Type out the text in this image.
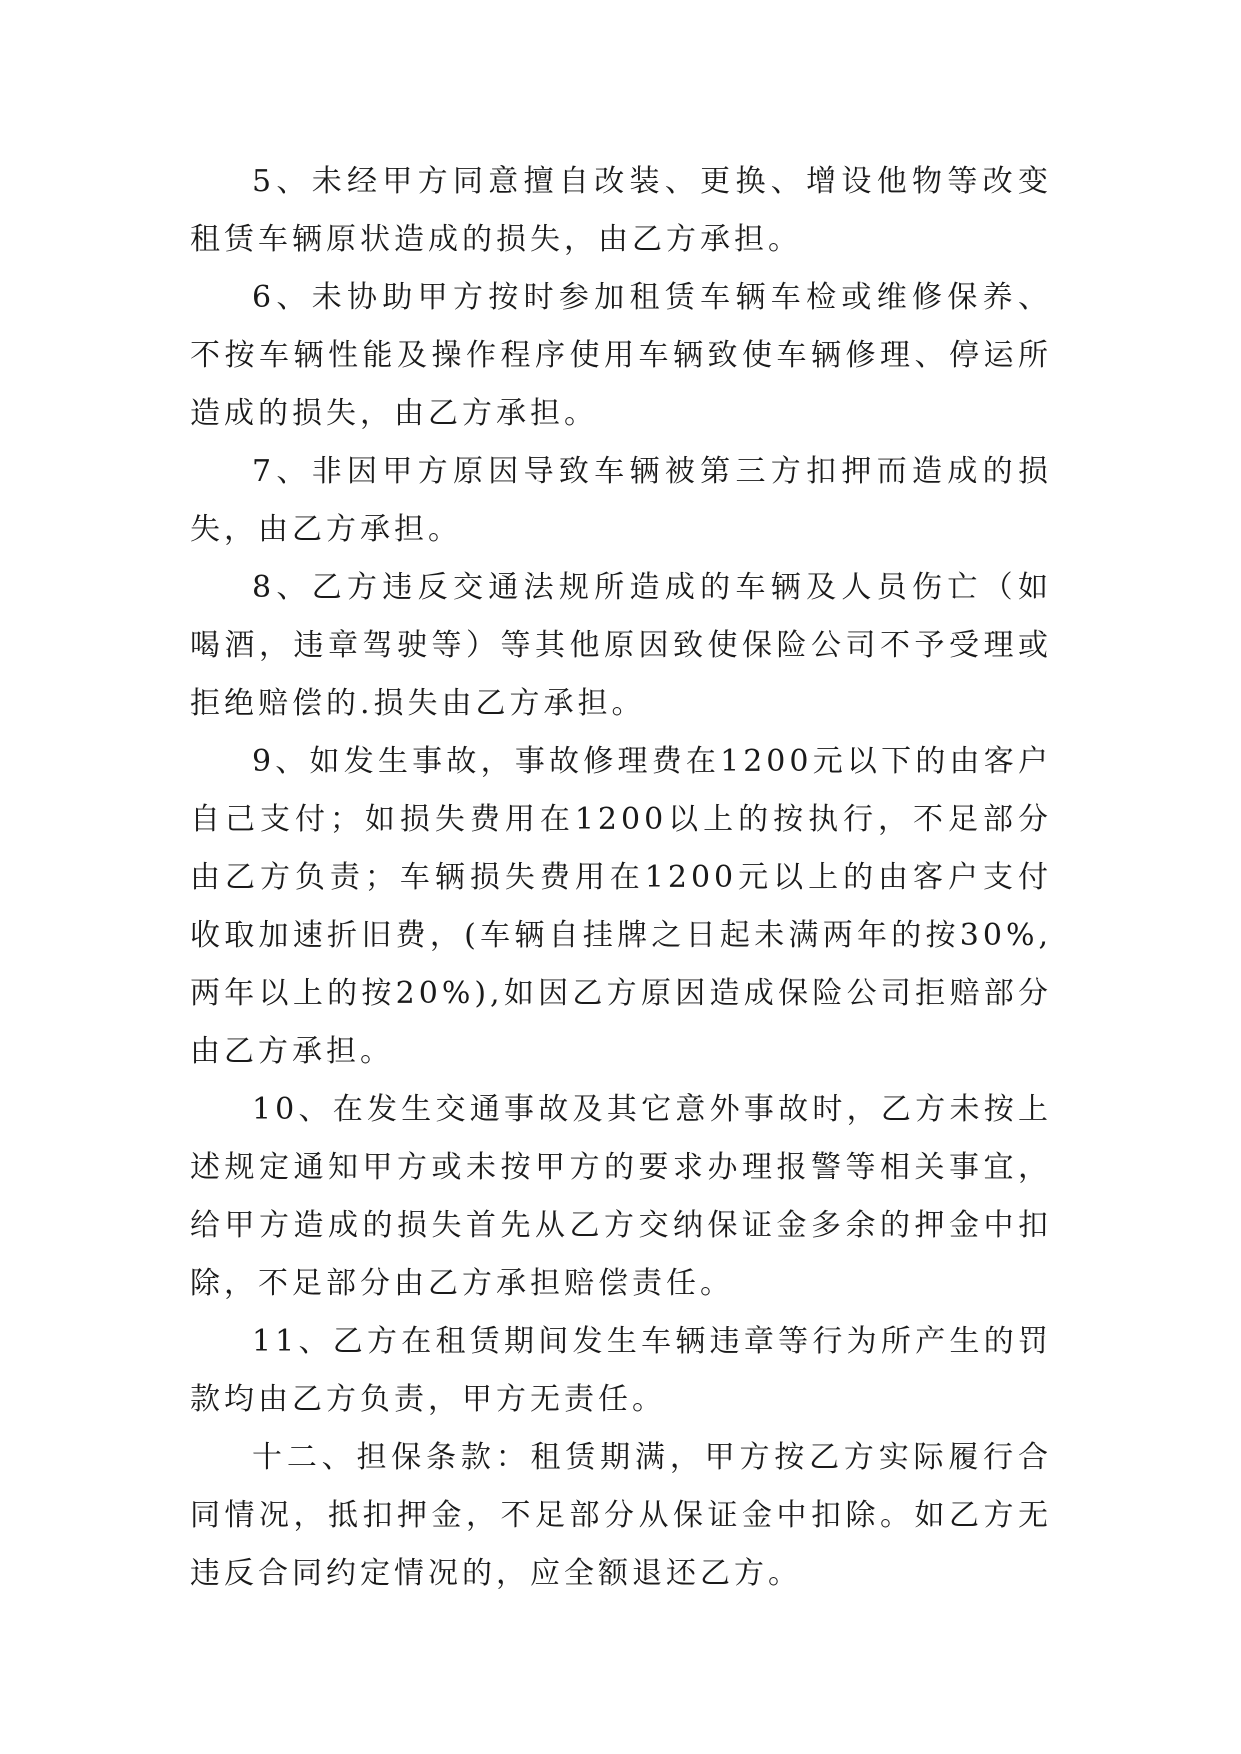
5、未经甲方同意擅自改装、更换、增设他物等改变租赁车辆原状造成的损失，由乙方承担。

6、未协助甲方按时参加租赁车辆车检或维修保养、不按车辆性能及操作程序使用车辆致使车辆修理、停运所造成的损失，由乙方承担。

7、非因甲方原因导致车辆被第三方扣押而造成的损失，由乙方承担。

8、乙方违反交通法规所造成的车辆及人员伤亡（如喝酒，违章驾驶等）等其他原因致使保险公司不予受理或拒绝赔偿的.损失由乙方承担。

9、如发生事故，事故修理费在1200元以下的由客户自己支付；如损失费用在1200以上的按执行，不足部分由乙方负责；车辆损失费用在1200元以上的由客户支付收取加速折旧费，(车辆自挂牌之日起未满两年的按30%,两年以上的按20%),如因乙方原因造成保险公司拒赔部分由乙方承担。

10、在发生交通事故及其它意外事故时，乙方未按上述规定通知甲方或未按甲方的要求办理报警等相关事宜，给甲方造成的损失首先从乙方交纳保证金多余的押金中扣除，不足部分由乙方承担赔偿责任。

11、乙方在租赁期间发生车辆违章等行为所产生的罚款均由乙方负责，甲方无责任。

十二、担保条款：租赁期满，甲方按乙方实际履行合同情况，抵扣押金，不足部分从保证金中扣除。如乙方无违反合同约定情况的，应全额退还乙方。
